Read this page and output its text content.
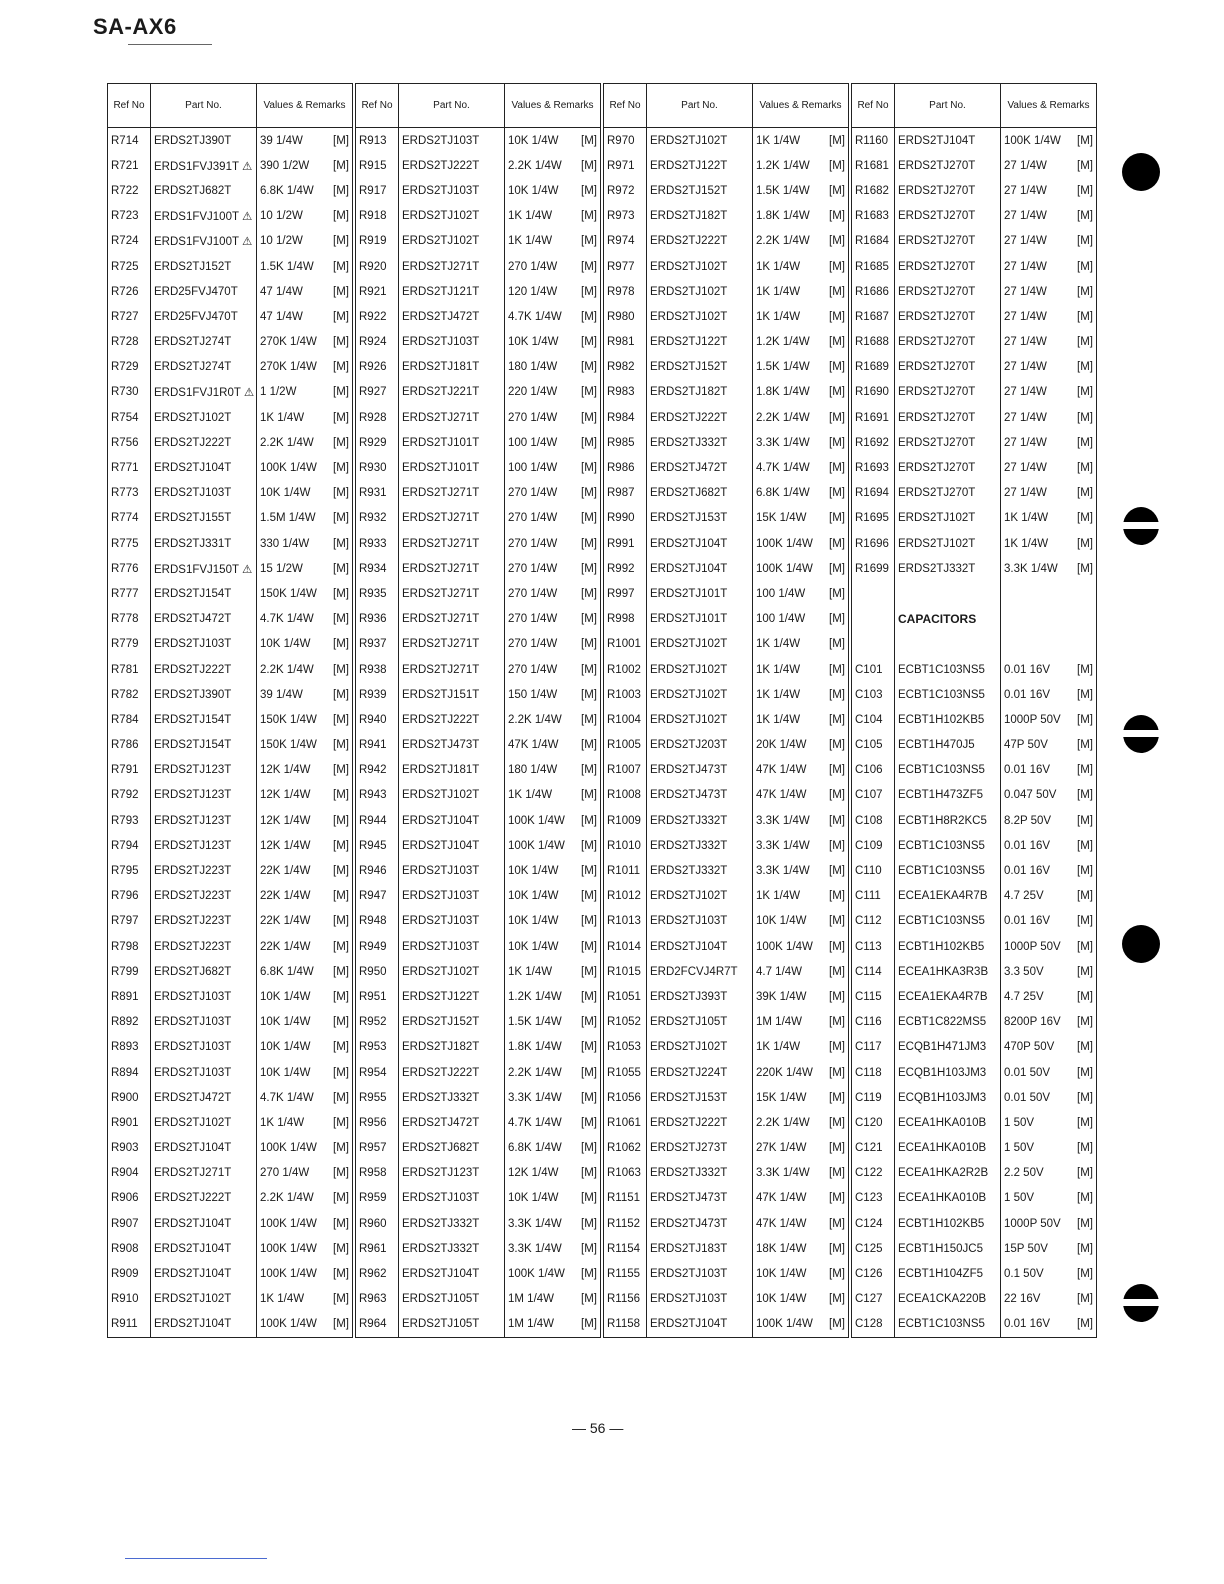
SA-AX6
Ref No	Part No.	Values & Remarks
R714	ERDS2TJ390T	39 1/4W [M]

R721	ERDS1FVJ391T ⚠	390 1/2W [M]

R722	ERDS2TJ682T	6.8K 1/4W [M]

R723	ERDS1FVJ100T ⚠	10 1/2W [M]

R724	ERDS1FVJ100T ⚠	10 1/2W [M]

R725	ERDS2TJ152T	1.5K 1/4W [M]

R726	ERD25FVJ470T	47 1/4W [M]

R727	ERD25FVJ470T	47 1/4W [M]

R728	ERDS2TJ274T	270K 1/4W [M]

R729	ERDS2TJ274T	270K 1/4W [M]

R730	ERDS1FVJ1R0T ⚠	1 1/2W [M]

R754	ERDS2TJ102T	1K 1/4W [M]

R756	ERDS2TJ222T	2.2K 1/4W [M]

R771	ERDS2TJ104T	100K 1/4W [M]

R773	ERDS2TJ103T	10K 1/4W [M]

R774	ERDS2TJ155T	1.5M 1/4W [M]

R775	ERDS2TJ331T	330 1/4W [M]

R776	ERDS1FVJ150T ⚠	15 1/2W [M]

R777	ERDS2TJ154T	150K 1/4W [M]

R778	ERDS2TJ472T	4.7K 1/4W [M]

R779	ERDS2TJ103T	10K 1/4W [M]

R781	ERDS2TJ222T	2.2K 1/4W [M]

R782	ERDS2TJ390T	39 1/4W [M]

R784	ERDS2TJ154T	150K 1/4W [M]

R786	ERDS2TJ154T	150K 1/4W [M]

R791	ERDS2TJ123T	12K 1/4W [M]

R792	ERDS2TJ123T	12K 1/4W [M]

R793	ERDS2TJ123T	12K 1/4W [M]

R794	ERDS2TJ123T	12K 1/4W [M]

R795	ERDS2TJ223T	22K 1/4W [M]

R796	ERDS2TJ223T	22K 1/4W [M]

R797	ERDS2TJ223T	22K 1/4W [M]

R798	ERDS2TJ223T	22K 1/4W [M]

R799	ERDS2TJ682T	6.8K 1/4W [M]

R891	ERDS2TJ103T	10K 1/4W [M]

R892	ERDS2TJ103T	10K 1/4W [M]

R893	ERDS2TJ103T	10K 1/4W [M]

R894	ERDS2TJ103T	10K 1/4W [M]

R900	ERDS2TJ472T	4.7K 1/4W [M]

R901	ERDS2TJ102T	1K 1/4W [M]

R903	ERDS2TJ104T	100K 1/4W [M]

R904	ERDS2TJ271T	270 1/4W [M]

R906	ERDS2TJ222T	2.2K 1/4W [M]

R907	ERDS2TJ104T	100K 1/4W [M]

R908	ERDS2TJ104T	100K 1/4W [M]

R909	ERDS2TJ104T	100K 1/4W [M]

R910	ERDS2TJ102T	1K 1/4W [M]

R911	ERDS2TJ104T	100K 1/4W [M]
Ref No	Part No.	Values & Remarks
R913	ERDS2TJ103T	10K 1/4W [M]

R915	ERDS2TJ222T	2.2K 1/4W [M]

R917	ERDS2TJ103T	10K 1/4W [M]

R918	ERDS2TJ102T	1K 1/4W [M]

R919	ERDS2TJ102T	1K 1/4W [M]

R920	ERDS2TJ271T	270 1/4W [M]

R921	ERDS2TJ121T	120 1/4W [M]

R922	ERDS2TJ472T	4.7K 1/4W [M]

R924	ERDS2TJ103T	10K 1/4W [M]

R926	ERDS2TJ181T	180 1/4W [M]

R927	ERDS2TJ221T	220 1/4W [M]

R928	ERDS2TJ271T	270 1/4W [M]

R929	ERDS2TJ101T	100 1/4W [M]

R930	ERDS2TJ101T	100 1/4W [M]

R931	ERDS2TJ271T	270 1/4W [M]

R932	ERDS2TJ271T	270 1/4W [M]

R933	ERDS2TJ271T	270 1/4W [M]

R934	ERDS2TJ271T	270 1/4W [M]

R935	ERDS2TJ271T	270 1/4W [M]

R936	ERDS2TJ271T	270 1/4W [M]

R937	ERDS2TJ271T	270 1/4W [M]

R938	ERDS2TJ271T	270 1/4W [M]

R939	ERDS2TJ151T	150 1/4W [M]

R940	ERDS2TJ222T	2.2K 1/4W [M]

R941	ERDS2TJ473T	47K 1/4W [M]

R942	ERDS2TJ181T	180 1/4W [M]

R943	ERDS2TJ102T	1K 1/4W [M]

R944	ERDS2TJ104T	100K 1/4W [M]

R945	ERDS2TJ104T	100K 1/4W [M]

R946	ERDS2TJ103T	10K 1/4W [M]

R947	ERDS2TJ103T	10K 1/4W [M]

R948	ERDS2TJ103T	10K 1/4W [M]

R949	ERDS2TJ103T	10K 1/4W [M]

R950	ERDS2TJ102T	1K 1/4W [M]

R951	ERDS2TJ122T	1.2K 1/4W [M]

R952	ERDS2TJ152T	1.5K 1/4W [M]

R953	ERDS2TJ182T	1.8K 1/4W [M]

R954	ERDS2TJ222T	2.2K 1/4W [M]

R955	ERDS2TJ332T	3.3K 1/4W [M]

R956	ERDS2TJ472T	4.7K 1/4W [M]

R957	ERDS2TJ682T	6.8K 1/4W [M]

R958	ERDS2TJ123T	12K 1/4W [M]

R959	ERDS2TJ103T	10K 1/4W [M]

R960	ERDS2TJ332T	3.3K 1/4W [M]

R961	ERDS2TJ332T	3.3K 1/4W [M]

R962	ERDS2TJ104T	100K 1/4W [M]

R963	ERDS2TJ105T	1M 1/4W [M]

R964	ERDS2TJ105T	1M 1/4W [M]
Ref No	Part No.	Values & Remarks
R970	ERDS2TJ102T	1K 1/4W [M]

R971	ERDS2TJ122T	1.2K 1/4W [M]

R972	ERDS2TJ152T	1.5K 1/4W [M]

R973	ERDS2TJ182T	1.8K 1/4W [M]

R974	ERDS2TJ222T	2.2K 1/4W [M]

R977	ERDS2TJ102T	1K 1/4W [M]

R978	ERDS2TJ102T	1K 1/4W [M]

R980	ERDS2TJ102T	1K 1/4W [M]

R981	ERDS2TJ122T	1.2K 1/4W [M]

R982	ERDS2TJ152T	1.5K 1/4W [M]

R983	ERDS2TJ182T	1.8K 1/4W [M]

R984	ERDS2TJ222T	2.2K 1/4W [M]

R985	ERDS2TJ332T	3.3K 1/4W [M]

R986	ERDS2TJ472T	4.7K 1/4W [M]

R987	ERDS2TJ682T	6.8K 1/4W [M]

R990	ERDS2TJ153T	15K 1/4W [M]

R991	ERDS2TJ104T	100K 1/4W [M]

R992	ERDS2TJ104T	100K 1/4W [M]

R997	ERDS2TJ101T	100 1/4W [M]

R998	ERDS2TJ101T	100 1/4W [M]

R1001	ERDS2TJ102T	1K 1/4W [M]

R1002	ERDS2TJ102T	1K 1/4W [M]

R1003	ERDS2TJ102T	1K 1/4W [M]

R1004	ERDS2TJ102T	1K 1/4W [M]

R1005	ERDS2TJ203T	20K 1/4W [M]

R1007	ERDS2TJ473T	47K 1/4W [M]

R1008	ERDS2TJ473T	47K 1/4W [M]

R1009	ERDS2TJ332T	3.3K 1/4W [M]

R1010	ERDS2TJ332T	3.3K 1/4W [M]

R1011	ERDS2TJ332T	3.3K 1/4W [M]

R1012	ERDS2TJ102T	1K 1/4W [M]

R1013	ERDS2TJ103T	10K 1/4W [M]

R1014	ERDS2TJ104T	100K 1/4W [M]

R1015	ERD2FCVJ4R7T	4.7 1/4W [M]

R1051	ERDS2TJ393T	39K 1/4W [M]

R1052	ERDS2TJ105T	1M 1/4W [M]

R1053	ERDS2TJ102T	1K 1/4W [M]

R1055	ERDS2TJ224T	220K 1/4W [M]

R1056	ERDS2TJ153T	15K 1/4W [M]

R1061	ERDS2TJ222T	2.2K 1/4W [M]

R1062	ERDS2TJ273T	27K 1/4W [M]

R1063	ERDS2TJ332T	3.3K 1/4W [M]

R1151	ERDS2TJ473T	47K 1/4W [M]

R1152	ERDS2TJ473T	47K 1/4W [M]

R1154	ERDS2TJ183T	18K 1/4W [M]

R1155	ERDS2TJ103T	10K 1/4W [M]

R1156	ERDS2TJ103T	10K 1/4W [M]

R1158	ERDS2TJ104T	100K 1/4W [M]
Ref No	Part No.	Values & Remarks
R1160	ERDS2TJ104T	100K 1/4W [M]

R1681	ERDS2TJ270T	27 1/4W [M]

R1682	ERDS2TJ270T	27 1/4W [M]

R1683	ERDS2TJ270T	27 1/4W [M]

R1684	ERDS2TJ270T	27 1/4W [M]

R1685	ERDS2TJ270T	27 1/4W [M]

R1686	ERDS2TJ270T	27 1/4W [M]

R1687	ERDS2TJ270T	27 1/4W [M]

R1688	ERDS2TJ270T	27 1/4W [M]

R1689	ERDS2TJ270T	27 1/4W [M]

R1690	ERDS2TJ270T	27 1/4W [M]

R1691	ERDS2TJ270T	27 1/4W [M]

R1692	ERDS2TJ270T	27 1/4W [M]

R1693	ERDS2TJ270T	27 1/4W [M]

R1694	ERDS2TJ270T	27 1/4W [M]

R1695	ERDS2TJ102T	1K 1/4W [M]

R1696	ERDS2TJ102T	1K 1/4W [M]

R1699	ERDS2TJ332T	3.3K 1/4W [M]

	CAPACITORS	

C101	ECBT1C103NS5	0.01 16V [M]

C103	ECBT1C103NS5	0.01 16V [M]

C104	ECBT1H102KB5	1000P 50V [M]

C105	ECBT1H470J5	47P 50V [M]

C106	ECBT1C103NS5	0.01 16V [M]

C107	ECBT1H473ZF5	0.047 50V [M]

C108	ECBT1H8R2KC5	8.2P 50V [M]

C109	ECBT1C103NS5	0.01 16V [M]

C110	ECBT1C103NS5	0.01 16V [M]

C111	ECEA1EKA4R7B	4.7 25V [M]

C112	ECBT1C103NS5	0.01 16V [M]

C113	ECBT1H102KB5	1000P 50V [M]

C114	ECEA1HKA3R3B	3.3 50V [M]

C115	ECEA1EKA4R7B	4.7 25V [M]

C116	ECBT1C822MS5	8200P 16V [M]

C117	ECQB1H471JM3	470P 50V [M]

C118	ECQB1H103JM3	0.01 50V [M]

C119	ECQB1H103JM3	0.01 50V [M]

C120	ECEA1HKA010B	1 50V [M]

C121	ECEA1HKA010B	1 50V [M]

C122	ECEA1HKA2R2B	2.2 50V [M]

C123	ECEA1HKA010B	1 50V [M]

C124	ECBT1H102KB5	1000P 50V [M]

C125	ECBT1H150JC5	15P 50V [M]

C126	ECBT1H104ZF5	0.1 50V [M]

C127	ECEA1CKA220B	22 16V [M]

C128	ECBT1C103NS5	0.01 16V [M]
— 56 —
